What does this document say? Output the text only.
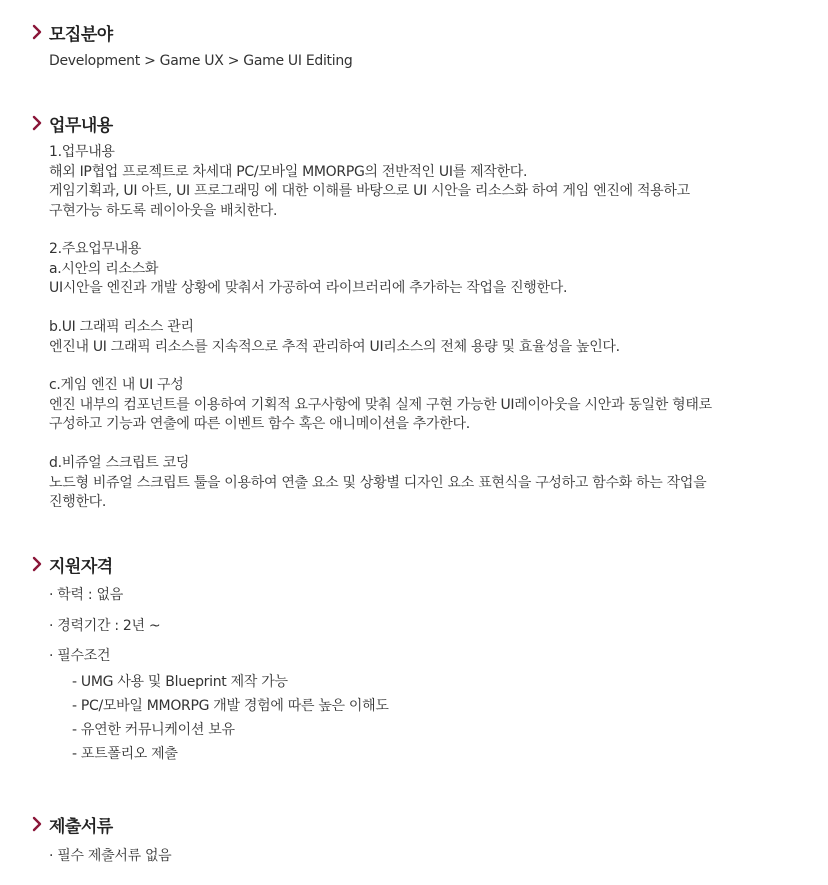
모집분야
Development > Game UX > Game UI Editing
업무내용
1.업무내용
해외 IP협업 프로젝트로 차세대 PC/모바일 MMORPG의 전반적인 UI를 제작한다.
게임기획과, UI 아트, UI 프로그래밍 에 대한 이해를 바탕으로 UI 시안을 리소스화 하여 게임 엔진에 적용하고
구현가능 하도록 레이아웃을 배치한다.
2.주요업무내용
a.시안의 리소스화
UI시안을 엔진과 개발 상황에 맞춰서 가공하여 라이브러리에 추가하는 작업을 진행한다.
b.UI 그래픽 리소스 관리
엔진내 UI 그래픽 리소스를 지속적으로 추적 관리하여 UI리소스의 전체 용량 및 효율성을 높인다.
c.게임 엔진 내 UI 구성
엔진 내부의 컴포넌트를 이용하여 기획적 요구사항에 맞춰 실제 구현 가능한 UI레이아웃을 시안과 동일한 형태로
구성하고 기능과 연출에 따른 이벤트 함수 혹은 애니메이션을 추가한다.
d.비쥬얼 스크립트 코딩
노드형 비쥬얼 스크립트 툴을 이용하여 연출 요소 및 상황별 디자인 요소 표현식을 구성하고 함수화 하는 작업을
진행한다.
지원자격
· 학력 : 없음
· 경력기간 : 2년 ~
· 필수조건
- UMG 사용 및 Blueprint 제작 가능
- PC/모바일 MMORPG 개발 경험에 따른 높은 이해도
- 유연한 커뮤니케이션 보유
- 포트폴리오 제출
제출서류
· 필수 제출서류 없음
